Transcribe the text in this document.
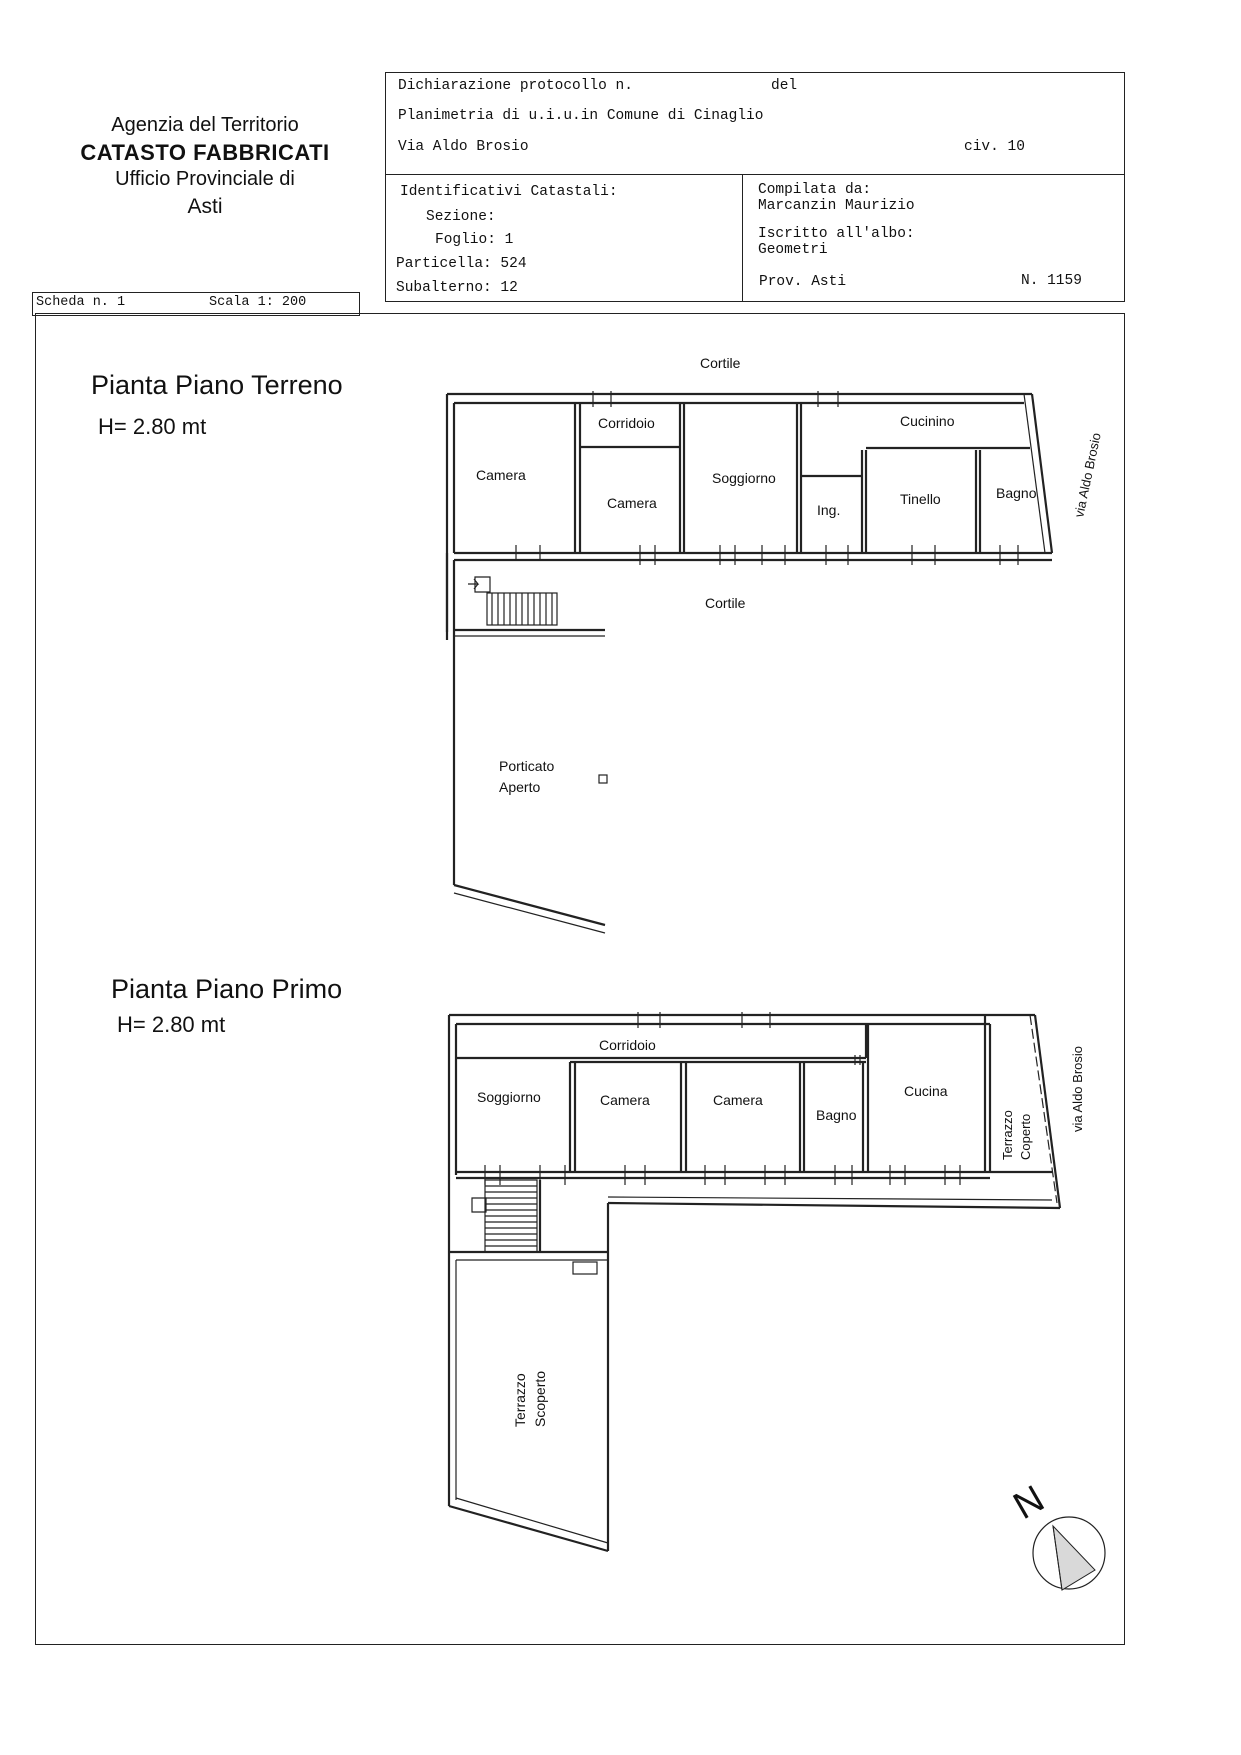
Agenzia del Territorio
CATASTO FABBRICATI
Ufficio Provinciale di
Asti
Dichiarazione protocollo n.	del
Planimetria di u.i.u.in Comune di Cinaglio
Via Aldo Brosio	civ. 10
Identificativi Catastali:
Sezione:
Foglio: 1
Particella: 524
Subalterno: 12
Compilata da:
Marcanzin Maurizio
Iscritto all'albo:
Geometri
Prov. Asti	N. 1159
Scheda n. 1	Scala 1: 200
Pianta Piano Terreno
H= 2.80 mt
Pianta Piano Primo
H= 2.80 mt
Cortile
Corridoio	Cucinino
Camera
Camera
Soggiorno
Ing.
Tinello	Bagno	via Aldo Brosio
Cortile
Porticato
Aperto
Corridoio
Soggiorno	Camera	Camera
Bagno
Cucina
Terrazzo Coperto
via Aldo Brosio
Terrazzo Scoperto
N
